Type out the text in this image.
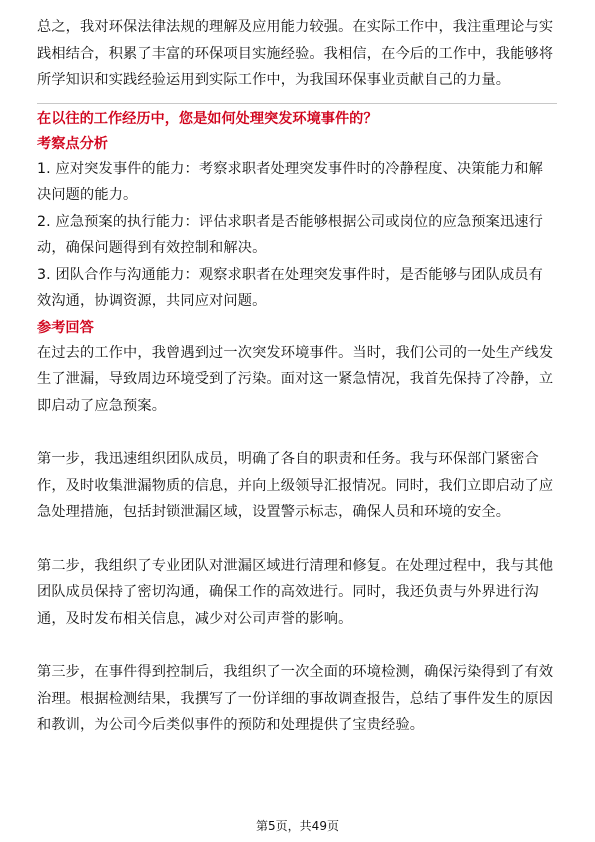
总之，我对环保法律法规的理解及应用能力较强。在实际工作中，我注重理论与实践相结合，积累了丰富的环保项目实施经验。我相信，在今后的工作中，我能够将所学知识和实践经验运用到实际工作中，为我国环保事业贡献自己的力量。

在以往的工作经历中，您是如何处理突发环境事件的？
考察点分析

1. 应对突发事件的能力：考察求职者处理突发事件时的冷静程度、决策能力和解决问题的能力。

2. 应急预案的执行能力：评估求职者是否能够根据公司或岗位的应急预案迅速行动，确保问题得到有效控制和解决。

3. 团队合作与沟通能力：观察求职者在处理突发事件时，是否能够与团队成员有效沟通，协调资源，共同应对问题。

参考回答

在过去的工作中，我曾遇到过一次突发环境事件。当时，我们公司的一处生产线发生了泄漏，导致周边环境受到了污染。面对这一紧急情况，我首先保持了冷静，立即启动了应急预案。

第一步，我迅速组织团队成员，明确了各自的职责和任务。我与环保部门紧密合作，及时收集泄漏物质的信息，并向上级领导汇报情况。同时，我们立即启动了应急处理措施，包括封锁泄漏区域，设置警示标志，确保人员和环境的安全。

第二步，我组织了专业团队对泄漏区域进行清理和修复。在处理过程中，我与其他团队成员保持了密切沟通，确保工作的高效进行。同时，我还负责与外界进行沟通，及时发布相关信息，减少对公司声誉的影响。

第三步，在事件得到控制后，我组织了一次全面的环境检测，确保污染得到了有效治理。根据检测结果，我撰写了一份详细的事故调查报告，总结了事件发生的原因和教训，为公司今后类似事件的预防和处理提供了宝贵经验。

第5页，共49页
